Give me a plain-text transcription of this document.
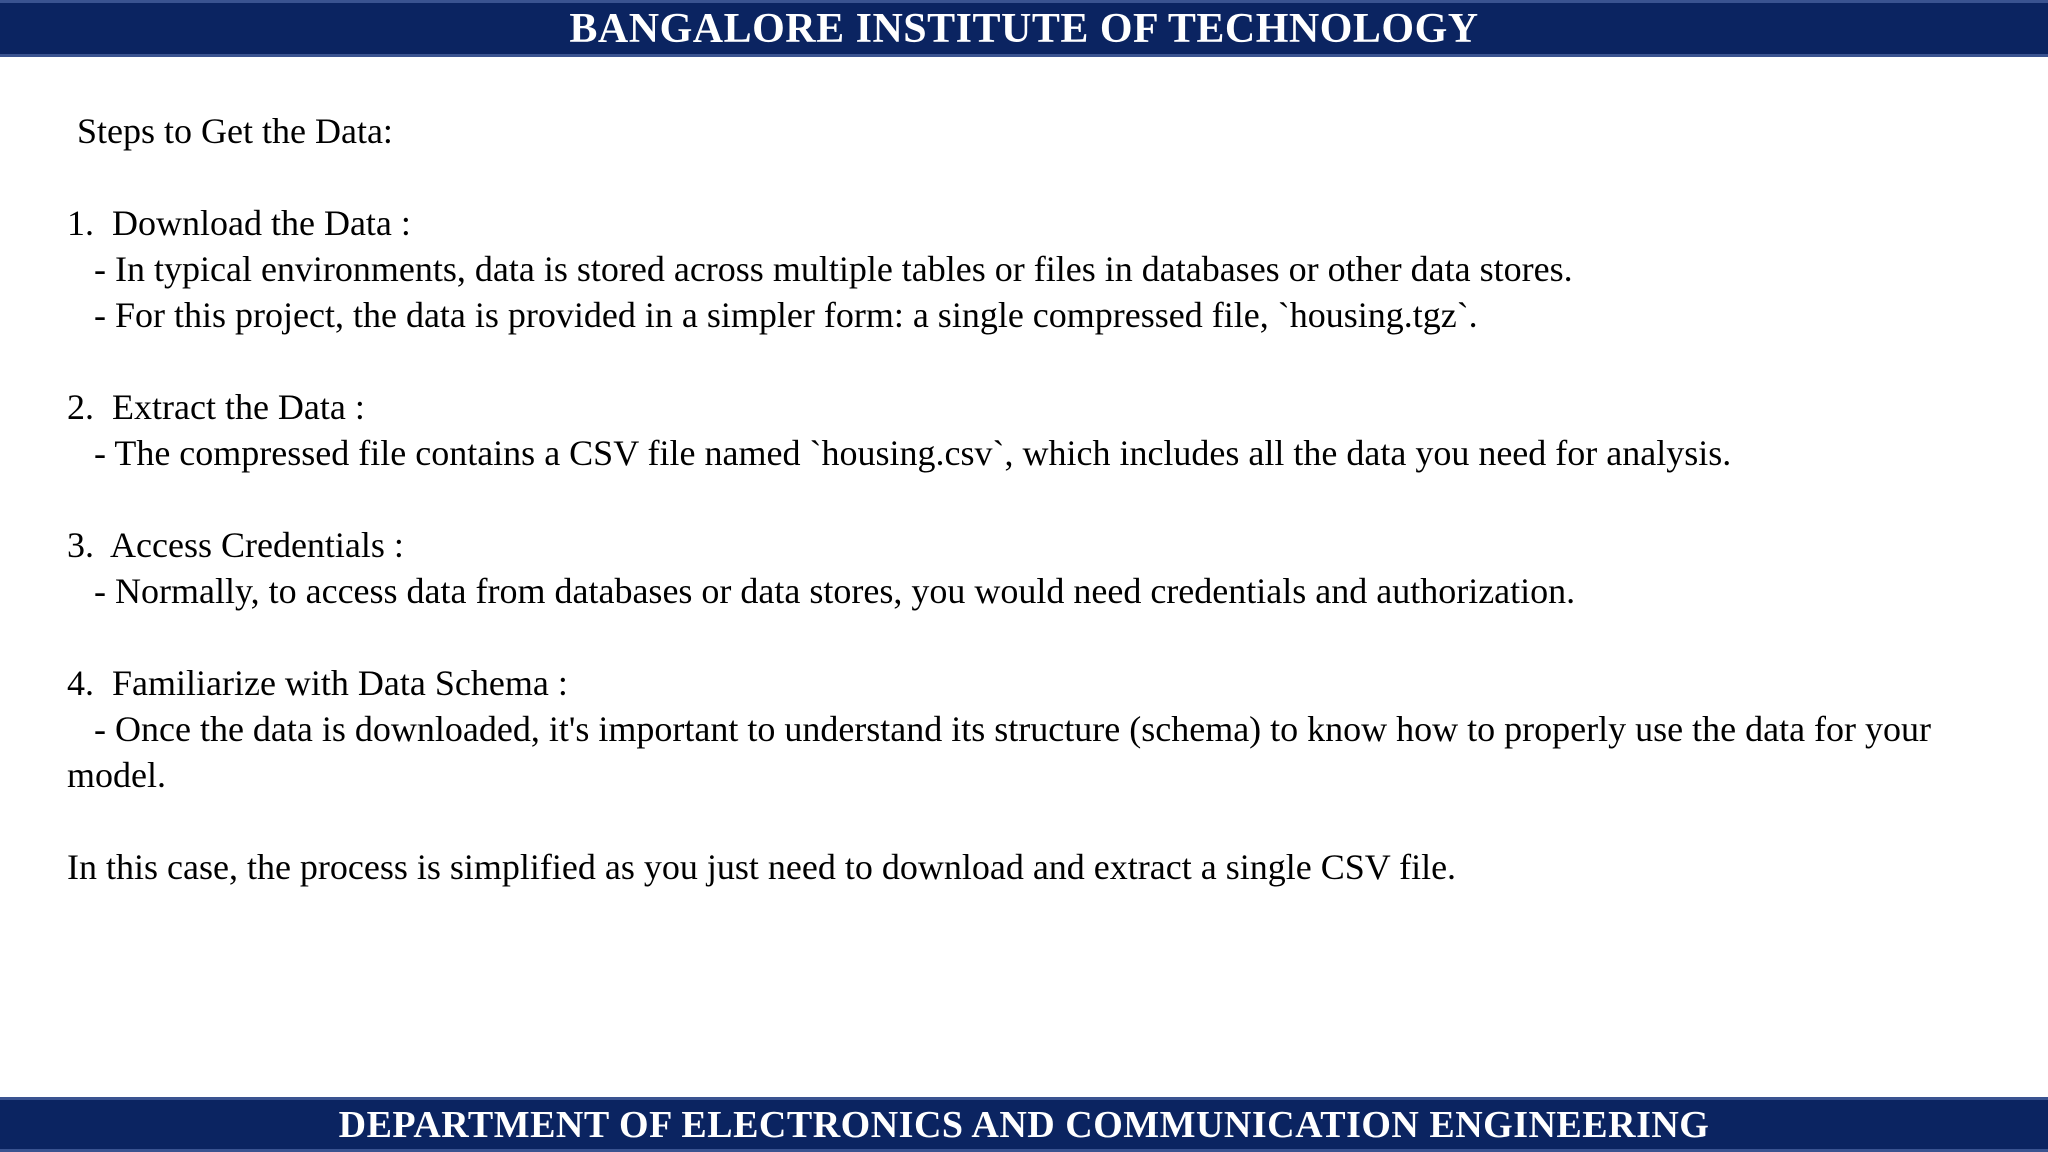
BANGALORE INSTITUTE OF TECHNOLOGY
Steps to Get the Data:
1.  Download the Data :
- In typical environments, data is stored across multiple tables or files in databases or other data stores.
- For this project, the data is provided in a simpler form: a single compressed file, `housing.tgz`.
2.  Extract the Data :
- The compressed file contains a CSV file named `housing.csv`, which includes all the data you need for analysis.
3.  Access Credentials :
- Normally, to access data from databases or data stores, you would need credentials and authorization.
4.  Familiarize with Data Schema :
- Once the data is downloaded, it's important to understand its structure (schema) to know how to properly use the data for your model.
In this case, the process is simplified as you just need to download and extract a single CSV file.
DEPARTMENT OF ELECTRONICS AND COMMUNICATION ENGINEERING
